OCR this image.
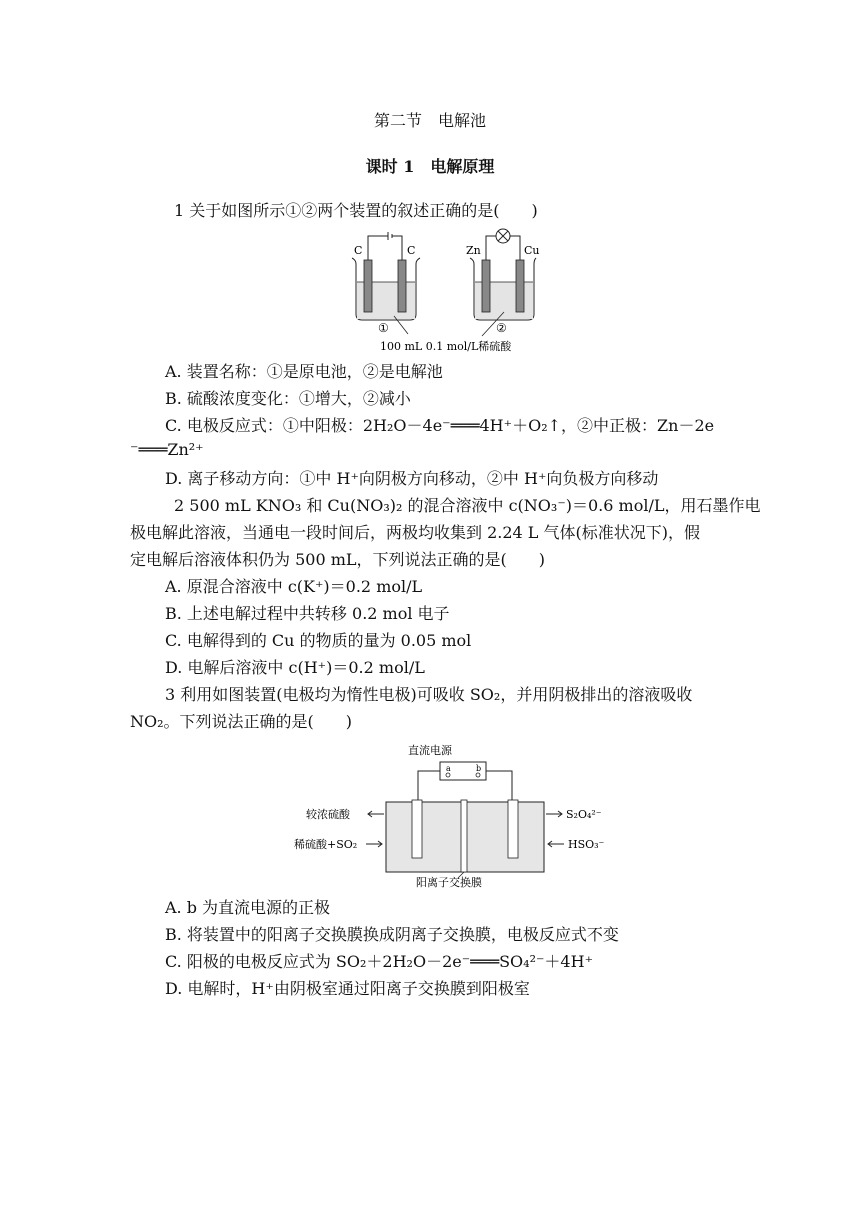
第二节　电解池
课时 1　电解原理
1 关于如图所示①②两个装置的叙述正确的是(　　)
C	C	Zn	Cu
①	②
100 mL 0.1 mol/L稀硫酸
A. 装置名称：①是原电池，②是电解池
B. 硫酸浓度变化：①增大，②减小
C. 电极反应式：①中阳极：2H₂O－4e⁻═══4H⁺＋O₂↑，②中正极：Zn－2e
⁻═══Zn²⁺
D. 离子移动方向：①中 H⁺向阴极方向移动，②中 H⁺向负极方向移动
2 500 mL KNO₃ 和 Cu(NO₃)₂ 的混合溶液中 c(NO₃⁻)＝0.6 mol/L，用石墨作电
极电解此溶液，当通电一段时间后，两极均收集到 2.24 L 气体(标准状况下)，假
定电解后溶液体积仍为 500 mL，下列说法正确的是(　　)
A. 原混合溶液中 c(K⁺)＝0.2 mol/L
B. 上述电解过程中共转移 0.2 mol 电子
C. 电解得到的 Cu 的物质的量为 0.05 mol
D. 电解后溶液中 c(H⁺)＝0.2 mol/L
3 利用如图装置(电极均为惰性电极)可吸收 SO₂，并用阴极排出的溶液吸收
NO₂。下列说法正确的是(　　)
直流电源
a	b
较浓硫酸
稀硫酸+SO₂
S₂O₄²⁻
HSO₃⁻
阳离子交换膜
A. b 为直流电源的正极
B. 将装置中的阳离子交换膜换成阴离子交换膜，电极反应式不变
C. 阳极的电极反应式为 SO₂＋2H₂O－2e⁻═══SO₄²⁻＋4H⁺
D. 电解时，H⁺由阴极室通过阳离子交换膜到阳极室
